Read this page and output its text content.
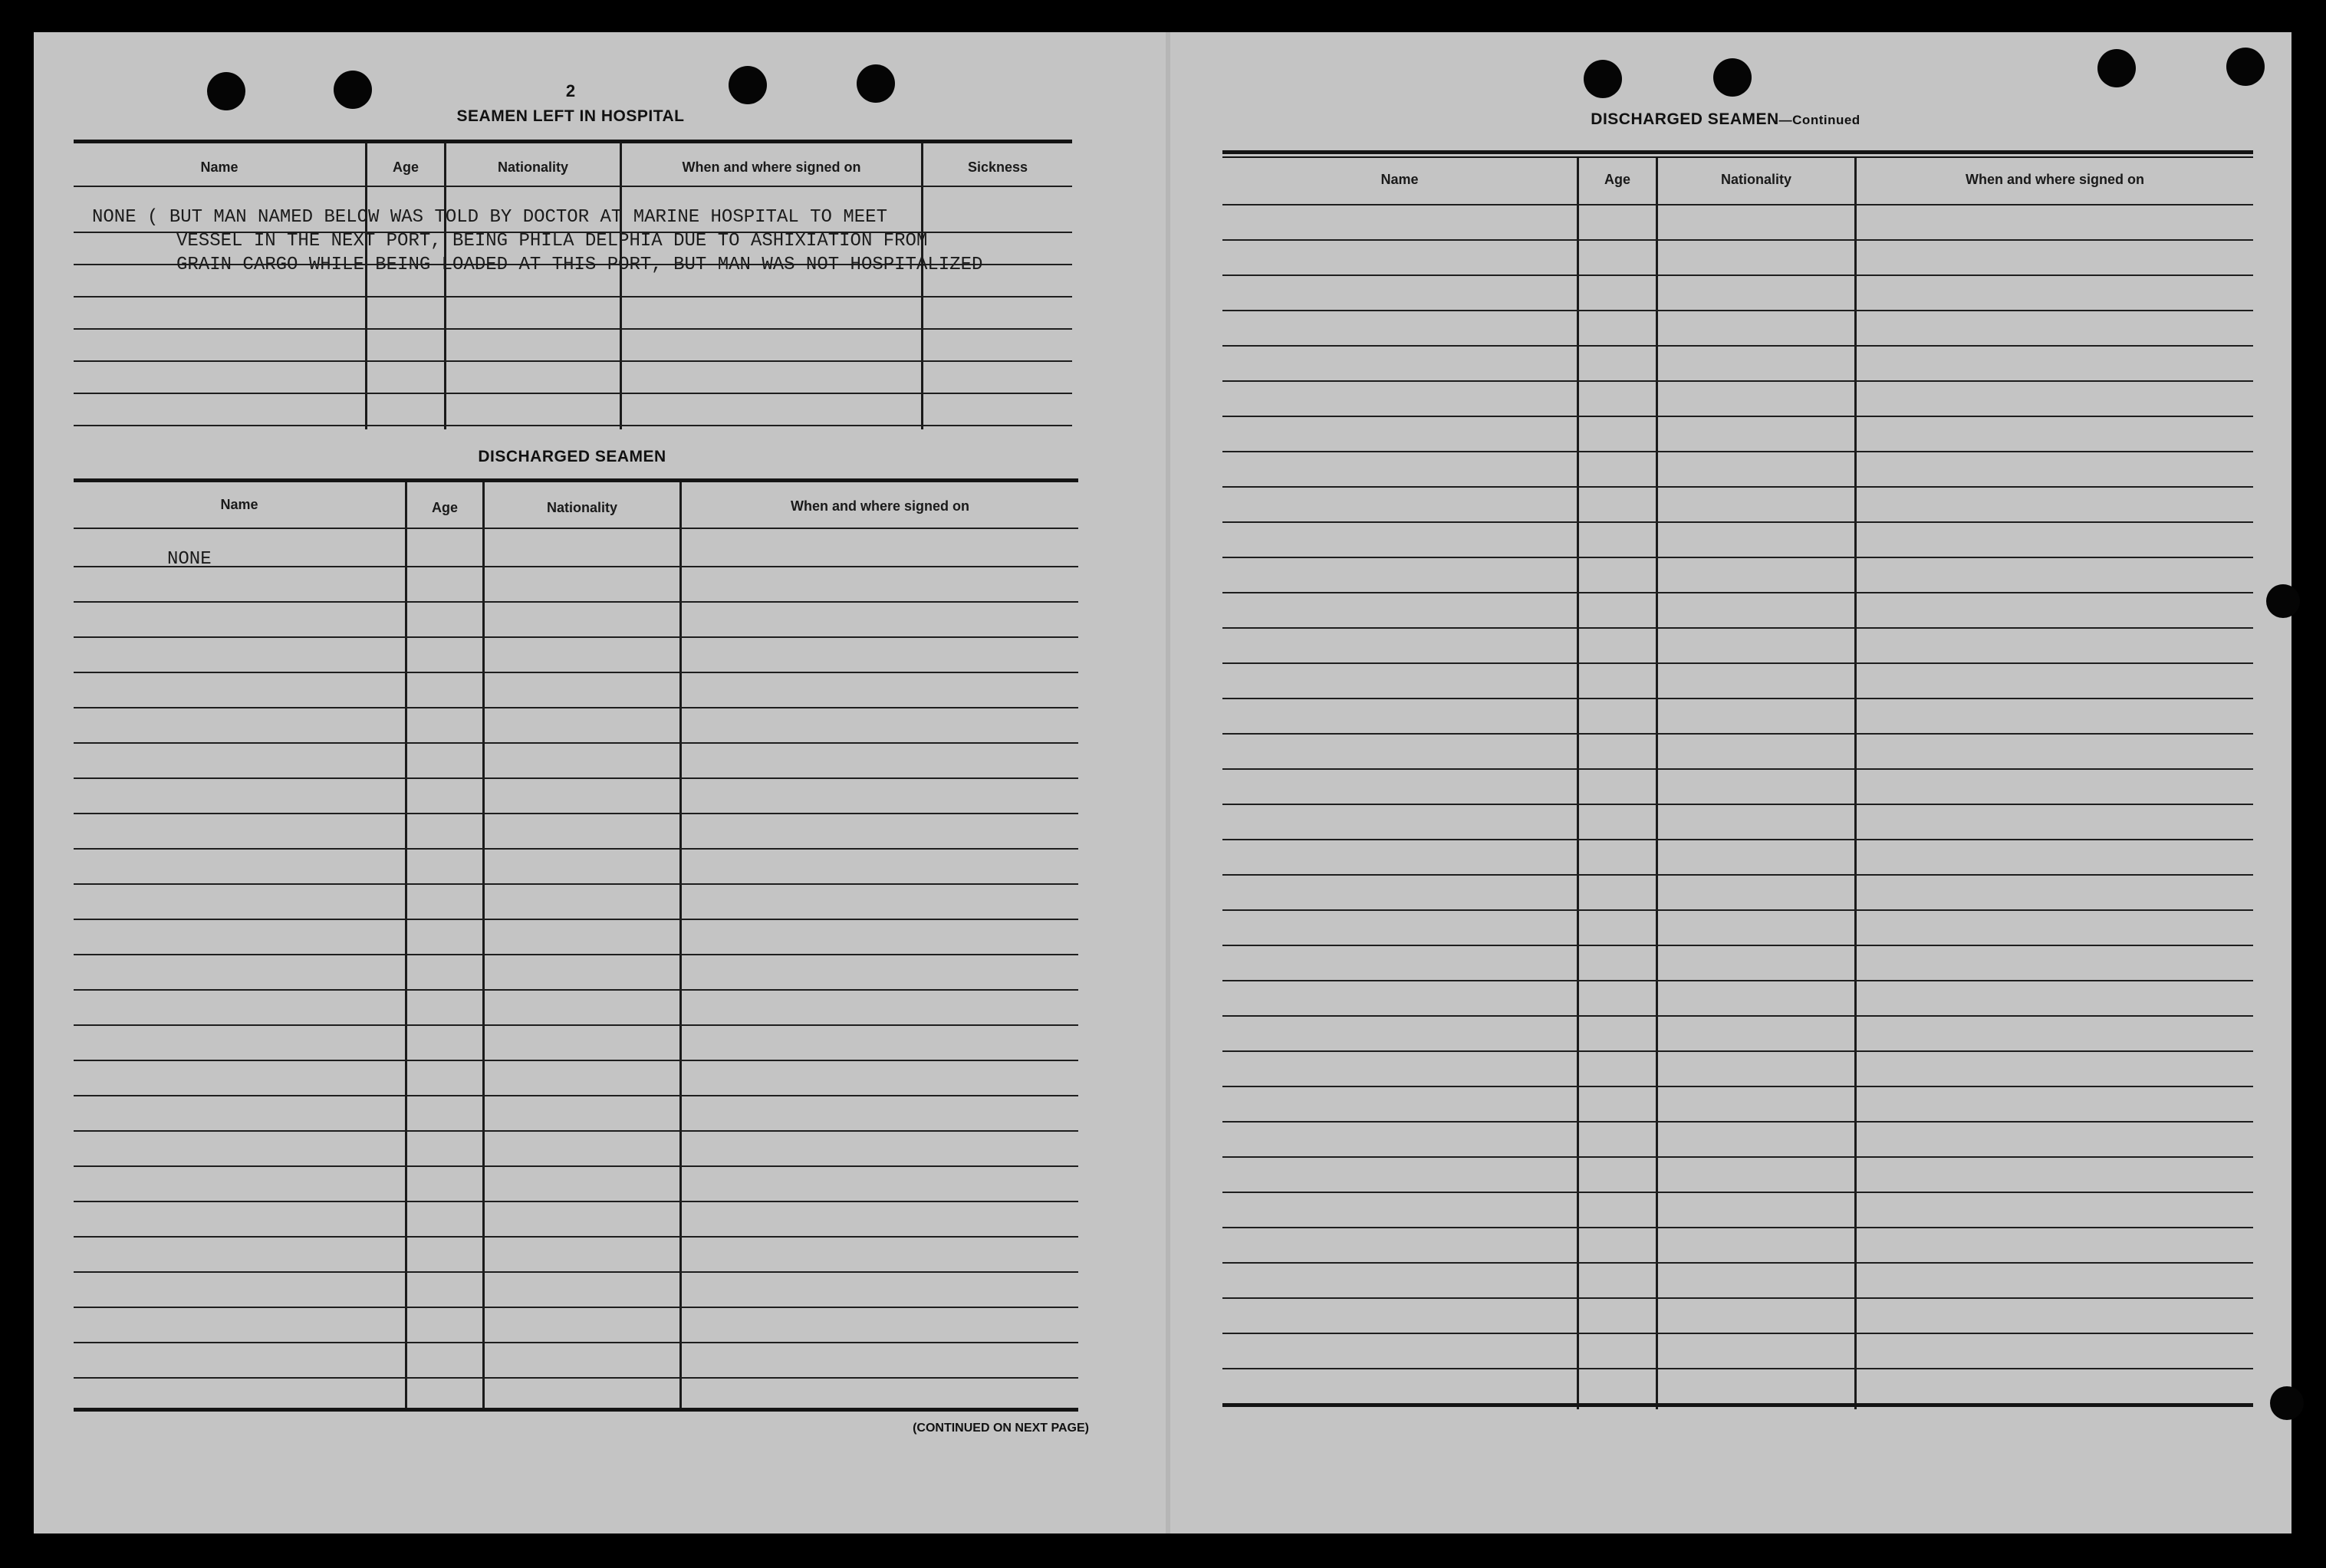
2
SEAMEN LEFT IN HOSPITAL
Name	Age	Nationality	When and where signed on	Sickness
NONE ( BUT MAN NAMED BELOW WAS TOLD BY DOCTOR AT MARINE HOSPITAL TO MEET
VESSEL IN THE NEXT PORT, BEING PHILA DELPHIA DUE TO ASHIXIATION FROM
GRAIN CARGO WHILE BEING LOADED AT THIS PORT, BUT MAN WAS NOT HOSPITALIZED
DISCHARGED SEAMEN
Name	Age	Nationality	When and where signed on
NONE
(CONTINUED ON NEXT PAGE)
DISCHARGED SEAMEN—Continued
Name	Age	Nationality	When and where signed on
